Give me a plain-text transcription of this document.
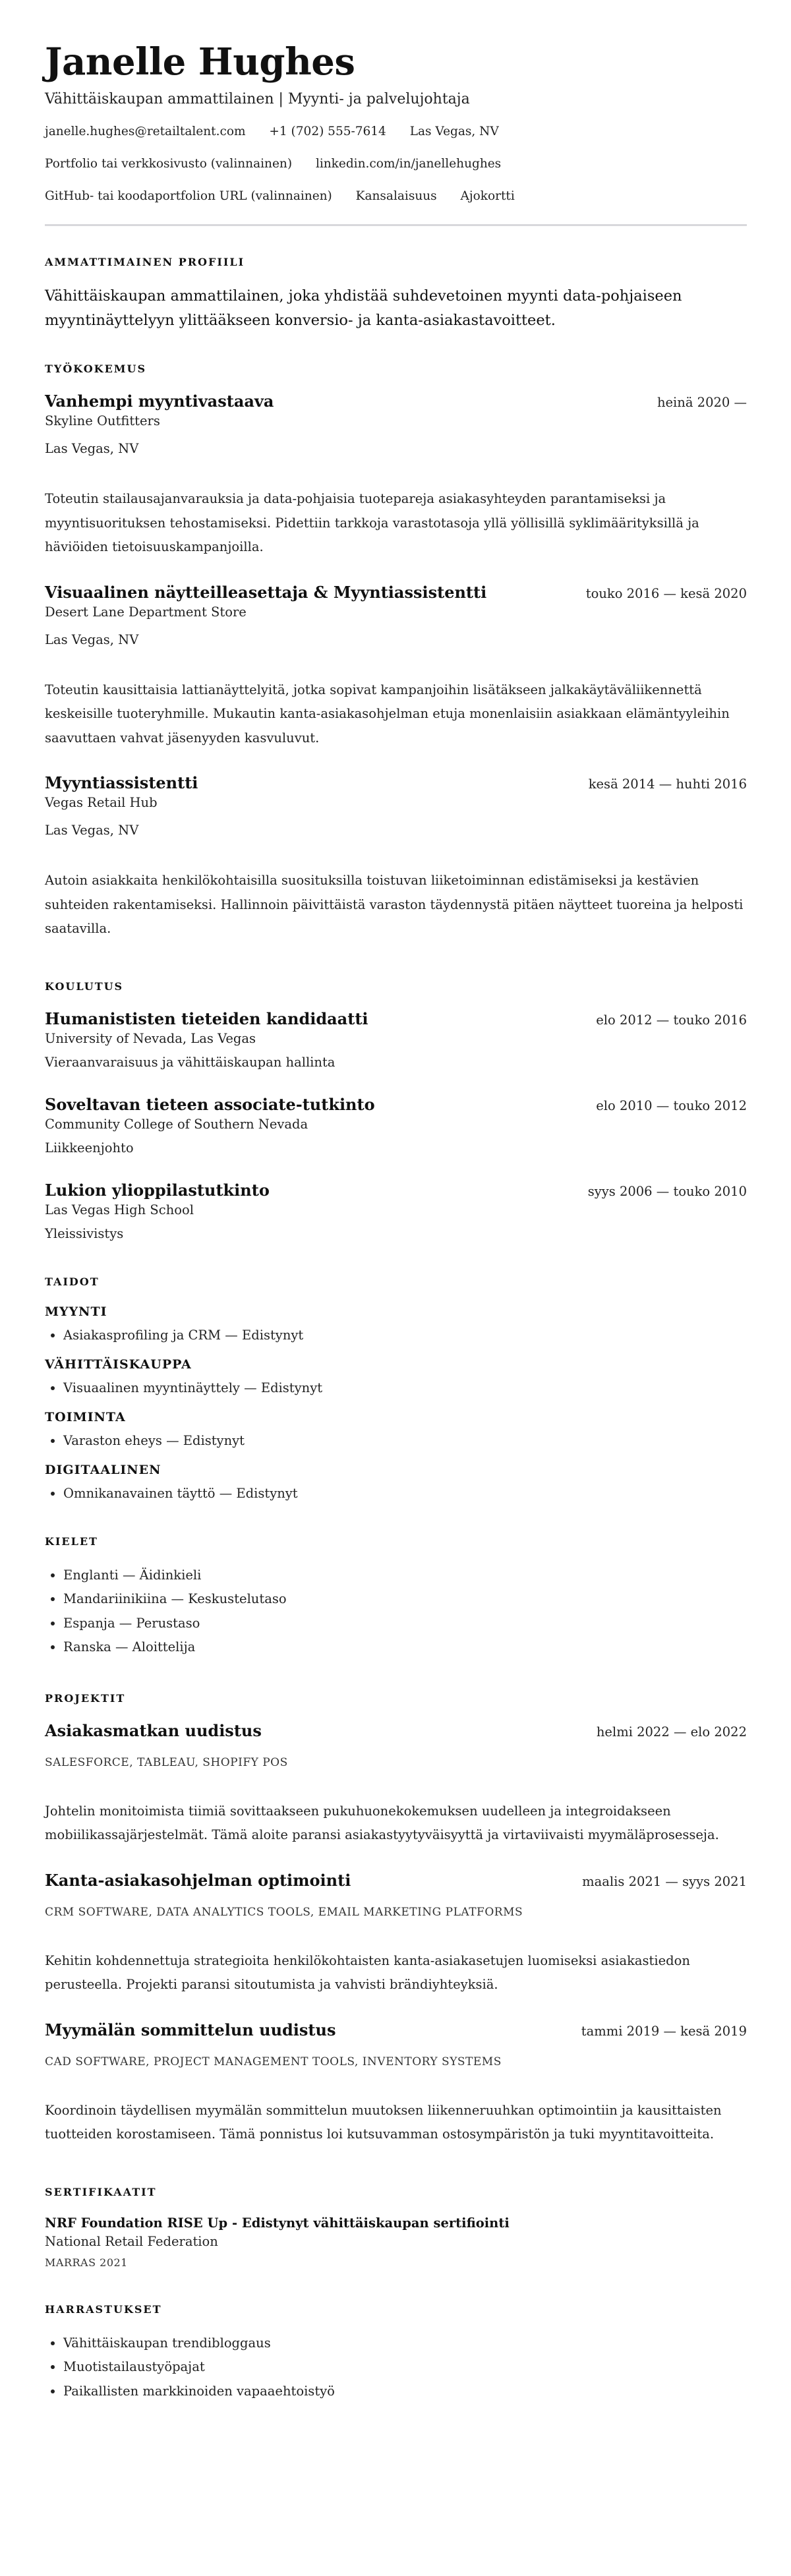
Janelle Hughes
Vähittäiskaupan ammattilainen | Myynti- ja palvelujohtaja
janelle.hughes@retailtalent.com +1 (702) 555-7614 Las Vegas, NV
Portfolio tai verkkosivusto (valinnainen) linkedin.com/in/janellehughes
GitHub- tai koodaportfolion URL (valinnainen) Kansalaisuus Ajokortti
AMMATTIMAINEN PROFIILI

Vähittäiskaupan ammattilainen, joka yhdistää suhdevetoinen myynti data-pohjaiseen myyntinäyttelyyn ylittääkseen konversio- ja kanta-asiakastavoitteet.

TYÖKOKEMUS
Vanhempi myyntivastaava	heinä 2020 —
Skyline Outfitters
Las Vegas, NV

Toteutin stailausajanvarauksia ja data-pohjaisia tuotepareja asiakasyhteyden parantamiseksi ja myyntisuorituksen tehostamiseksi. Pidettiin tarkkoja varastotasoja yllä yöllisillä syklimäärityksillä ja häviöiden tietoisuuskampanjoilla.

Visuaalinen näytteilleasettaja & Myyntiassistentti	touko 2016 — kesä 2020
Desert Lane Department Store
Las Vegas, NV

Toteutin kausittaisia lattianäyttelyitä, jotka sopivat kampanjoihin lisätäkseen jalkakäytäväliikennettä keskeisille tuoteryhmille. Mukautin kanta-asiakasohjelman etuja monenlaisiin asiakkaan elämäntyyleihin saavuttaen vahvat jäsenyyden kasvuluvut.

Myyntiassistentti	kesä 2014 — huhti 2016
Vegas Retail Hub
Las Vegas, NV

Autoin asiakkaita henkilökohtaisilla suosituksilla toistuvan liiketoiminnan edistämiseksi ja kestävien suhteiden rakentamiseksi. Hallinnoin päivittäistä varaston täydennystä pitäen näytteet tuoreina ja helposti saatavilla.

KOULUTUS
Humanististen tieteiden kandidaatti	elo 2012 — touko 2016
University of Nevada, Las Vegas
Vieraanvaraisuus ja vähittäiskaupan hallinta
Soveltavan tieteen associate-tutkinto	elo 2010 — touko 2012
Community College of Southern Nevada
Liikkeenjohto
Lukion ylioppilastutkinto	syys 2006 — touko 2010
Las Vegas High School
Yleissivistys
TAIDOT
MYYNTI
• Asiakasprofiling ja CRM — Edistynyt
VÄHITTÄISKAUPPA
• Visuaalinen myyntinäyttely — Edistynyt
TOIMINTA
• Varaston eheys — Edistynyt
DIGITAALINEN
• Omnikanavainen täyttö — Edistynyt
KIELET
• Englanti — Äidinkieli
• Mandariinikiina — Keskustelutaso
• Espanja — Perustaso
• Ranska — Aloittelija
PROJEKTIT
Asiakasmatkan uudistus	helmi 2022 — elo 2022
SALESFORCE, TABLEAU, SHOPIFY POS

Johtelin monitoimista tiimiä sovittaakseen pukuhuonekokemuksen uudelleen ja integroidakseen mobiilikassajärjestelmät. Tämä aloite paransi asiakastyytyväisyyttä ja virtaviivaisti myymäläprosesseja.

Kanta-asiakasohjelman optimointi	maalis 2021 — syys 2021
CRM SOFTWARE, DATA ANALYTICS TOOLS, EMAIL MARKETING PLATFORMS

Kehitin kohdennettuja strategioita henkilökohtaisten kanta-asiakasetujen luomiseksi asiakastiedon perusteella. Projekti paransi sitoutumista ja vahvisti brändiyhteyksiä.

Myymälän sommittelun uudistus	tammi 2019 — kesä 2019
CAD SOFTWARE, PROJECT MANAGEMENT TOOLS, INVENTORY SYSTEMS

Koordinoin täydellisen myymälän sommittelun muutoksen liikenneruuhkan optimointiin ja kausittaisten tuotteiden korostamiseen. Tämä ponnistus loi kutsuvamman ostosympäristön ja tuki myyntitavoitteita.

SERTIFIKAATIT
NRF Foundation RISE Up - Edistynyt vähittäiskaupan sertifiointi
National Retail Federation
MARRAS 2021
HARRASTUKSET
• Vähittäiskaupan trendibloggaus
• Muotistailaustyöpajat
• Paikallisten markkinoiden vapaaehtoistyö
